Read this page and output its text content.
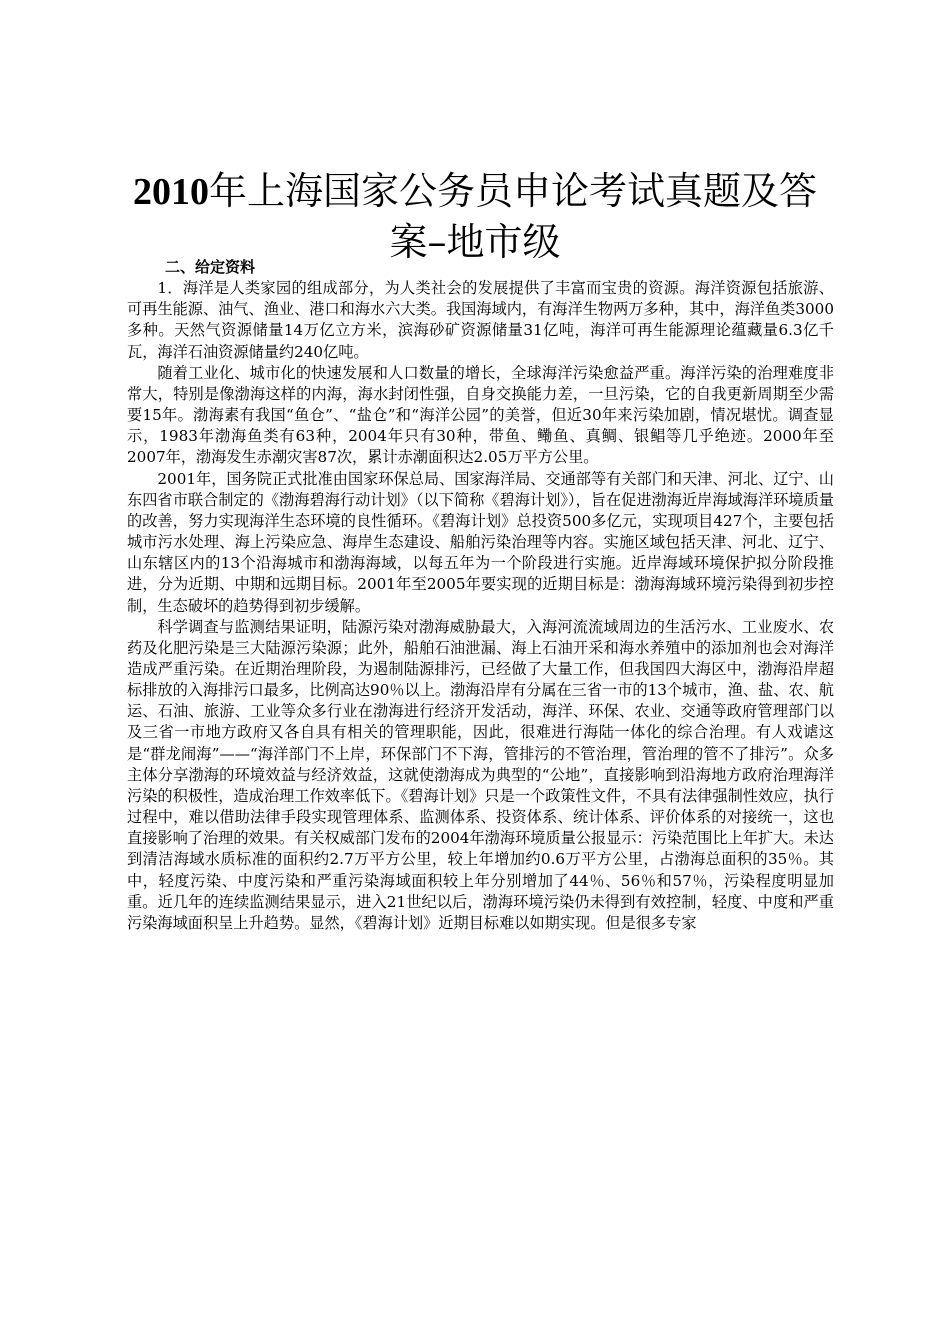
2010年上海国家公务员申论考试真题及答案–地市级

二、给定资料

1．海洋是人类家园的组成部分，为人类社会的发展提供了丰富而宝贵的资源。海洋资源包括旅游、可再生能源、油气、渔业、港口和海水六大类。我国海域内，有海洋生物两万多种，其中，海洋鱼类3000多种。天然气资源储量14万亿立方米，滨海砂矿资源储量31亿吨，海洋可再生能源理论蕴藏量6.3亿千瓦，海洋石油资源储量约240亿吨。

随着工业化、城市化的快速发展和人口数量的增长，全球海洋污染愈益严重。海洋污染的治理难度非常大，特别是像渤海这样的内海，海水封闭性强，自身交换能力差，一旦污染，它的自我更新周期至少需要15年。渤海素有我国“鱼仓”、“盐仓”和“海洋公园”的美誉，但近30年来污染加剧，情况堪忧。调查显示，1983年渤海鱼类有63种，2004年只有30种，带鱼、鳓鱼、真鲷、银鲳等几乎绝迹。2000年至2007年，渤海发生赤潮灾害87次，累计赤潮面积达2.05万平方公里。

2001年，国务院正式批准由国家环保总局、国家海洋局、交通部等有关部门和天津、河北、辽宁、山东四省市联合制定的《渤海碧海行动计划》（以下简称《碧海计划》），旨在促进渤海近岸海域海洋环境质量的改善，努力实现海洋生态环境的良性循环。《碧海计划》总投资500多亿元，实现项目427个，主要包括城市污水处理、海上污染应急、海岸生态建设、船舶污染治理等内容。实施区域包括天津、河北、辽宁、山东辖区内的13个沿海城市和渤海海域，以每五年为一个阶段进行实施。近岸海域环境保护拟分阶段推进，分为近期、中期和远期目标。2001年至2005年要实现的近期目标是：渤海海域环境污染得到初步控制，生态破坏的趋势得到初步缓解。

科学调查与监测结果证明，陆源污染对渤海威胁最大，入海河流流域周边的生活污水、工业废水、农药及化肥污染是三大陆源污染源；此外，船舶石油泄漏、海上石油开采和海水养殖中的添加剂也会对海洋造成严重污染。在近期治理阶段，为遏制陆源排污，已经做了大量工作，但我国四大海区中，渤海沿岸超标排放的入海排污口最多，比例高达90％以上。渤海沿岸有分属在三省一市的13个城市，渔、盐、农、航运、石油、旅游、工业等众多行业在渤海进行经济开发活动，海洋、环保、农业、交通等政府管理部门以及三省一市地方政府又各自具有相关的管理职能，因此，很难进行海陆一体化的综合治理。有人戏谑这是“群龙闹海”——“海洋部门不上岸，环保部门不下海，管排污的不管治理，管治理的管不了排污”。众多主体分享渤海的环境效益与经济效益，这就使渤海成为典型的“公地”，直接影响到沿海地方政府治理海洋污染的积极性，造成治理工作效率低下。《碧海计划》只是一个政策性文件，不具有法律强制性效应，执行过程中，难以借助法律手段实现管理体系、监测体系、投资体系、统计体系、评价体系的对接统一，这也直接影响了治理的效果。有关权威部门发布的2004年渤海环境质量公报显示：污染范围比上年扩大。未达到清洁海域水质标准的面积约2.7万平方公里，较上年增加约0.6万平方公里，占渤海总面积的35％。其中，轻度污染、中度污染和严重污染海域面积较上年分别增加了44％、56％和57％，污染程度明显加重。近几年的连续监测结果显示，进入21世纪以后，渤海环境污染仍未得到有效控制，轻度、中度和严重污染海域面积呈上升趋势。显然，《碧海计划》近期目标难以如期实现。但是很多专家
